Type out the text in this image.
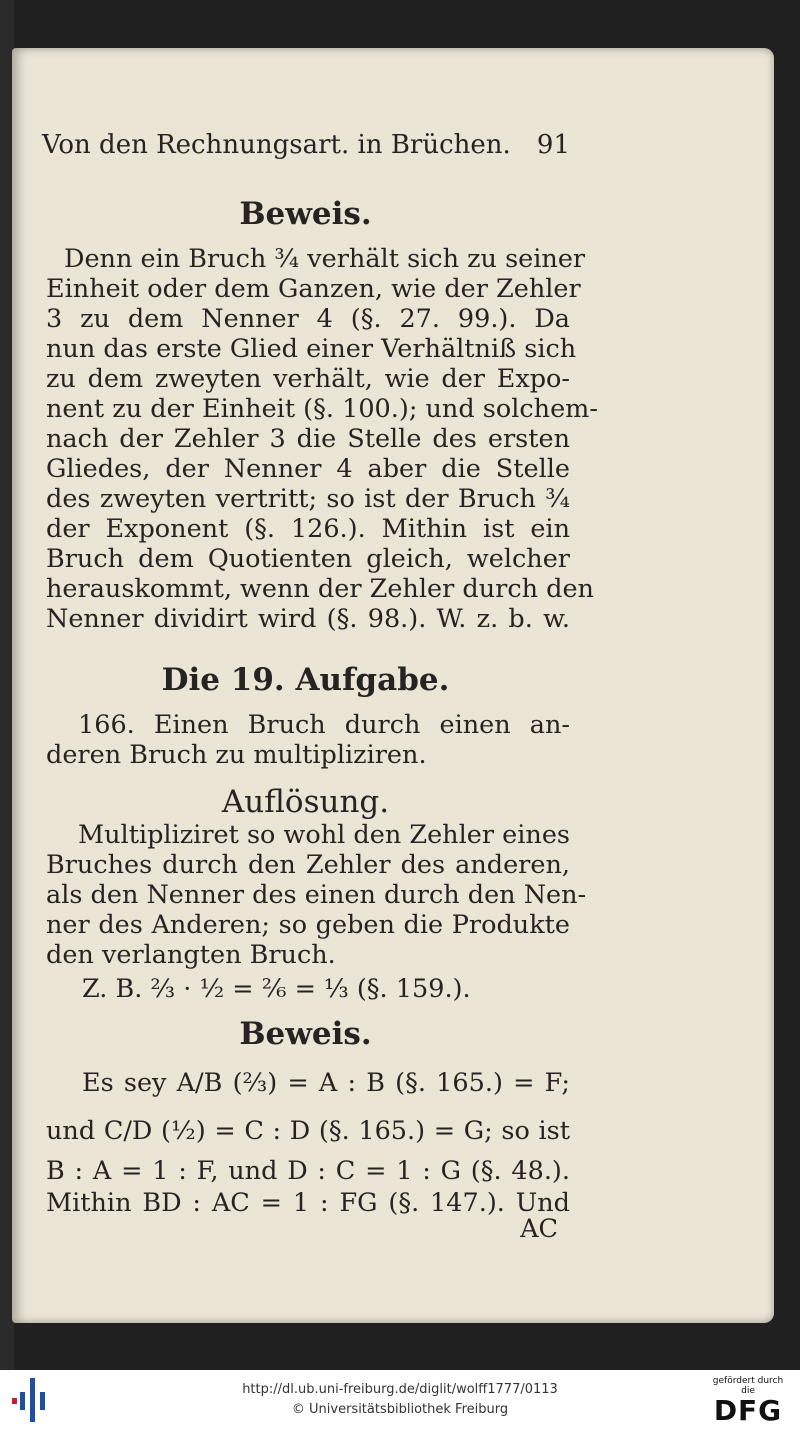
Von den Rechnungsart. in Brüchen. 91
Beweis.
Denn ein Bruch ¾ verhält sich zu seiner
Einheit oder dem Ganzen, wie der Zehler
3 zu dem Nenner 4 (§. 27. 99.). Da
nun das erste Glied einer Verhältniß sich
zu dem zweyten verhält, wie der Expo-
nent zu der Einheit (§. 100.); und solchem-
nach der Zehler 3 die Stelle des ersten
Gliedes, der Nenner 4 aber die Stelle
des zweyten vertritt; so ist der Bruch ¾
der Exponent (§. 126.). Mithin ist ein
Bruch dem Quotienten gleich, welcher
herauskommt, wenn der Zehler durch den
Nenner dividirt wird (§. 98.). W. z. b. w.
Die 19. Aufgabe.
166. Einen Bruch durch einen an-
deren Bruch zu multipliziren.
Auflösung.
Multipliziret so wohl den Zehler eines
Bruches durch den Zehler des anderen,
als den Nenner des einen durch den Nen-
ner des Anderen; so geben die Produkte
den verlangten Bruch.
Z. B. ⅔ · ½ = ²⁄₆ = ⅓ (§. 159.).
Beweis.
Es sey A/B (⅔) = A : B (§. 165.) = F;
und C/D (½) = C : D (§. 165.) = G; so ist
B : A = 1 : F, und D : C = 1 : G (§. 48.).
Mithin BD : AC = 1 : FG (§. 147.). Und
AC
http://dl.ub.uni-freiburg.de/diglit/wolff1777/0113
© Universitätsbibliothek Freiburg
gefördert durch die
DFG
